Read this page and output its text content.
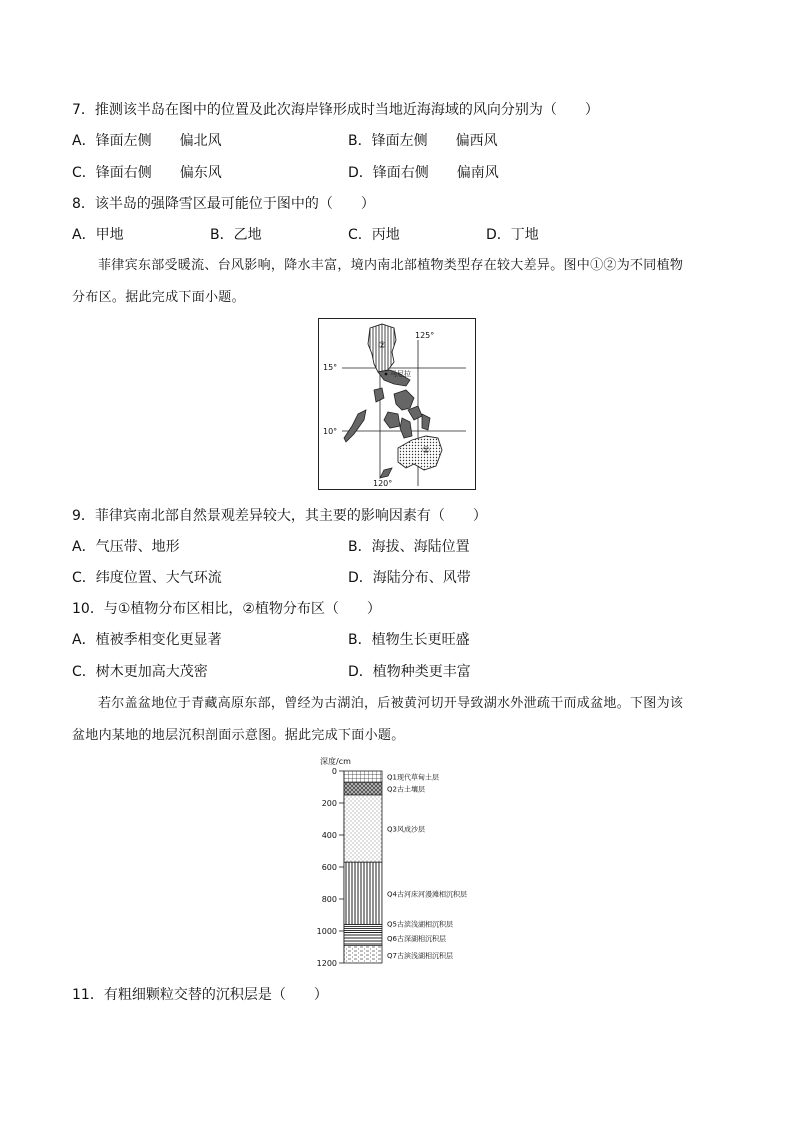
7．推测该半岛在图中的位置及此次海岸锋形成时当地近海海域的风向分别为（　　）
A．锋面左侧　　偏北风	B．锋面左侧　　偏西风
C．锋面右侧　　偏东风	D．锋面右侧　　偏南风
8．该半岛的强降雪区最可能位于图中的（　　）
A．甲地	B．乙地	C．丙地	D．丁地
菲律宾东部受暖流、台风影响，降水丰富，境内南北部植物类型存在较大差异。图中①②为不同植物
分布区。据此完成下面小题。
125°
120°
15°
10°
马尼拉
②
①
9．菲律宾南北部自然景观差异较大，其主要的影响因素有（　　）
A．气压带、地形	B．海拔、海陆位置
C．纬度位置、大气环流	D．海陆分布、风带
10．与①植物分布区相比，②植物分布区（　　）
A．植被季相变化更显著	B．植物生长更旺盛
C．树木更加高大茂密	D．植物种类更丰富
若尔盖盆地位于青藏高原东部，曾经为古湖泊，后被黄河切开导致湖水外泄疏干而成盆地。下图为该
盆地内某地的地层沉积剖面示意图。据此完成下面小题。
深度/cm
0
200
400
600
800
1000
1200
Q1现代草甸土层
Q2古土壤层
Q3风成沙层
Q4古河床河漫滩相沉积层
Q5古滨浅湖相沉积层
Q6古深湖相沉积层
Q7古滨浅湖相沉积层
11．有粗细颗粒交替的沉积层是（　　）
